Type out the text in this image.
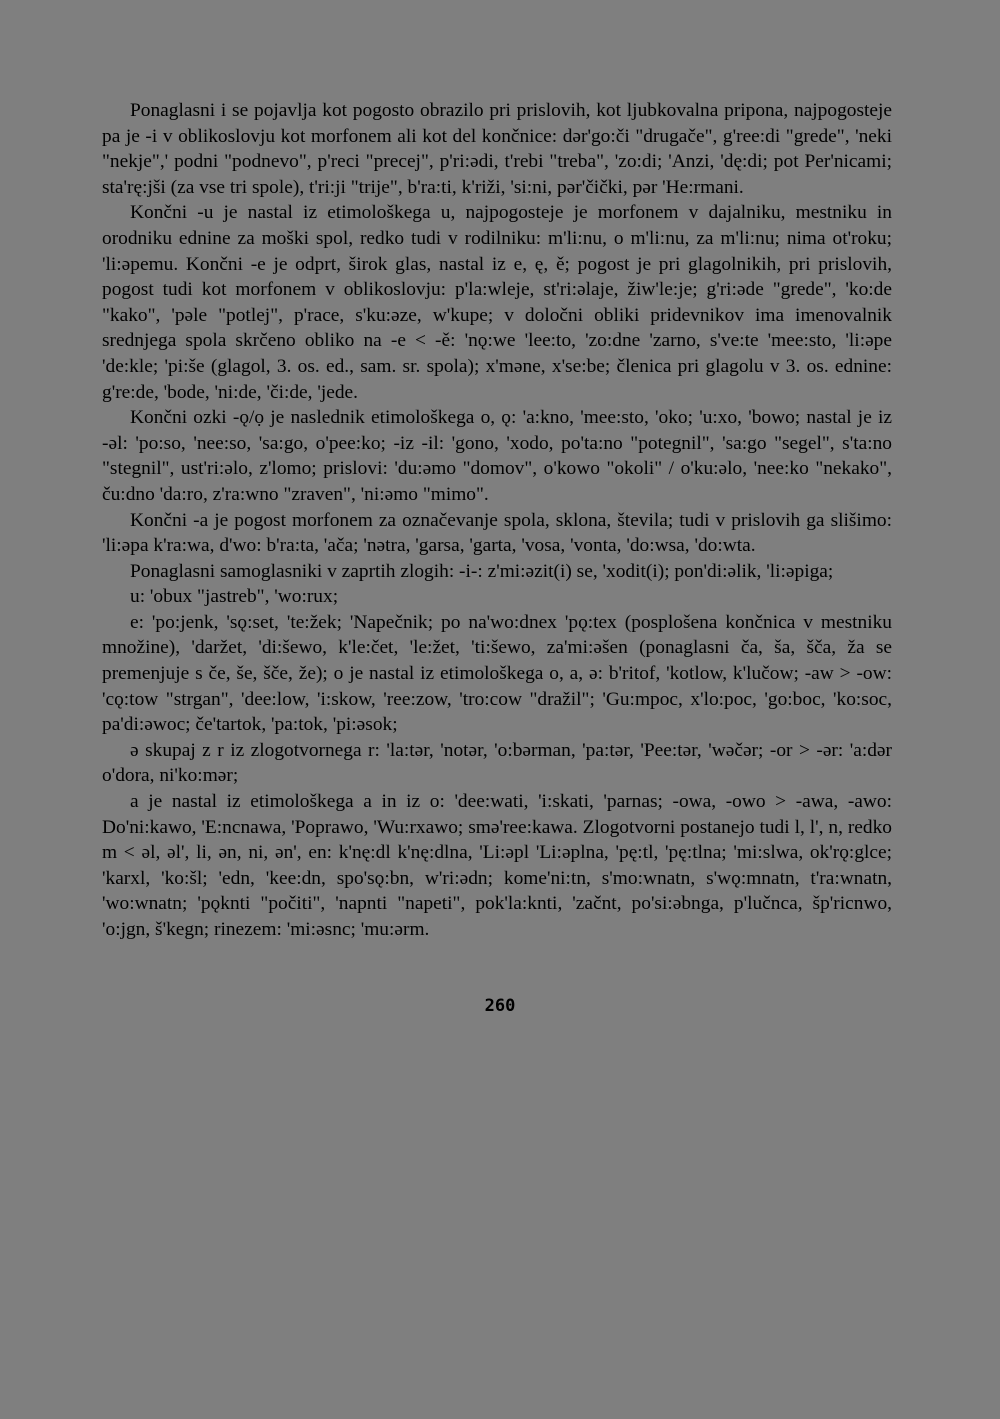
Ponaglasni i se pojavlja kot pogosto obrazilo pri prislovih, kot ljubkovalna pripona, najpogosteje pa je -i v oblikoslovju kot morfonem ali kot del končnice: dər'go:či "drugače", g'ree:di "grede", 'neki "nekje",' podni "podnevo", p'reci "precej", p'ri:ədi, t'rebi "treba", 'zo:di; 'Anzi, 'dę:di; pot Per'nicami; sta'rę:jši (za vse tri spole), t'ri:ji "trije", b'ra:ti, k'riži, 'si:ni, pər'čički, pər 'He:rmani.

Končni -u je nastal iz etimološkega u, najpogosteje je morfonem v dajalniku, mestniku in orodniku ednine za moški spol, redko tudi v rodilniku: m'li:nu, o m'li:nu, za m'li:nu; nima ot'roku; 'li:əpemu. Končni -e je odprt, širok glas, nastal iz e, ę, ě; pogost je pri glagolnikih, pri prislovih, pogost tudi kot morfonem v oblikoslovju: p'la:wleje, st'ri:əlaje, žiw'le:je; g'ri:əde "grede", 'ko:de "kako", 'pəle "potlej", p'race, s'ku:əze, w'kupe; v določni obliki pridevnikov ima imenovalnik srednjega spola skrčeno obliko na -e < -ě: 'nǫ:we 'lee:to, 'zo:dne 'zarno, s've:te 'mee:sto, 'li:əpe 'de:kle; 'pi:še (glagol, 3. os. ed., sam. sr. spola); x'məne, x'se:be; členica pri glagolu v 3. os. ednine: g're:de, 'bode, 'ni:de, 'či:de, 'jede.

Končni ozki -ǫ/ọ je naslednik etimološkega o, ǫ: 'a:kno, 'mee:sto, 'oko; 'u:xo, 'bowo; nastal je iz -əl: 'po:so, 'nee:so, 'sa:go, o'pee:ko; -iz -il: 'gono, 'xodo, po'ta:no "potegnil", 'sa:go "segel", s'ta:no "stegnil", ust'ri:əlo, z'lomo; prislovi: 'du:əmo "domov", o'kowo "okoli" / o'ku:əlo, 'nee:ko "nekako", ču:dno 'da:ro, z'ra:wno "zraven", 'ni:əmo "mimo".

Končni -a je pogost morfonem za označevanje spola, sklona, števila; tudi v prislovih ga slišimo: 'li:əpa k'ra:wa, d'wo: b'ra:ta, 'ača; 'nətra, 'garsa, 'garta, 'vosa, 'vonta, 'do:wsa, 'do:wta.

Ponaglasni samoglasniki v zaprtih zlogih: -i-: z'mi:əzit(i) se, 'xodit(i); pon'di:əlik, 'li:əpiga;

u: 'obux "jastreb", 'wo:rux;

e: 'po:jenk, 'sǫ:set, 'te:žek; 'Napečnik; po na'wo:dnex 'pǫ:tex (posplošena končnica v mestniku množine), 'daržet, 'di:šewo, k'le:čet, 'le:žet, 'ti:šewo, za'mi:əšen (ponaglasni ča, ša, šča, ža se premenjuje s če, še, šče, že); o je nastal iz etimološkega o, a, ə: b'ritof, 'kotlow, k'lučow; -aw > -ow: 'cǫ:tow "strgan", 'dee:low, 'i:skow, 'ree:zow, 'tro:cow "dražil"; 'Gu:mpoc, x'lo:poc, 'go:boc, 'ko:soc, pa'di:əwoc; če'tartok, 'pa:tok, 'pi:əsok;

ə skupaj z r iz zlogotvornega r: 'la:tər, 'notər, 'o:bərman, 'pa:tər, 'Pee:tər, 'wəčər; -or > -ər: 'a:dər o'dora, ni'ko:mər;

a je nastal iz etimološkega a in iz o: 'dee:wati, 'i:skati, 'parnas; -owa, -owo > -awa, -awo: Do'ni:kawo, 'E:ncnawa, 'Poprawo, 'Wu:rxawo; smə'ree:kawa. Zlogotvorni postanejo tudi l, l', n, redko m < əl, əl', li, ən, ni, ən', en: k'nę:dl k'nę:dlna, 'Li:əpl 'Li:əplna, 'pę:tl, 'pę:tlna; 'mi:slwa, ok'rǫ:glce; 'karxl, 'ko:šl; 'edn, 'kee:dn, spo'sǫ:bn, w'ri:ədn; kome'ni:tn, s'mo:wnatn, s'wǫ:mnatn, t'ra:wnatn, 'wo:wnatn; 'pǫknti "počiti", 'napnti "napeti", pok'la:knti, 'začnt, po'si:əbnga, p'lučnca, šp'ricnwo, 'o:jgn, š'kegn; rinezem: 'mi:əsnc; 'mu:ərm.

260
